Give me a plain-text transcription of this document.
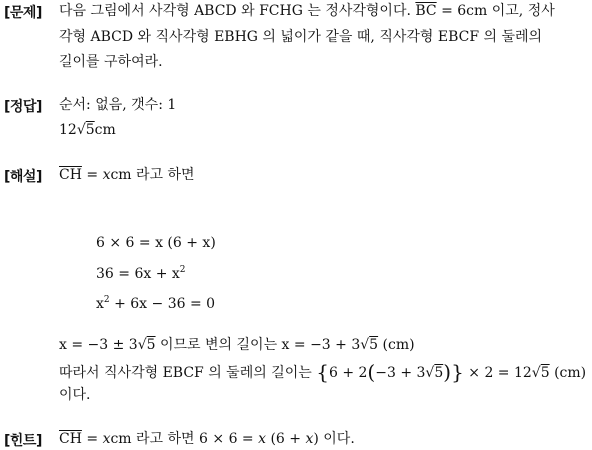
[문제]
[정답]
[해설]
[힌트]
다음 그림에서 사각형 ABCD 와 FCHG 는 정사각형이다. $\overline{BC} = 6cm$ 이고, 정사
각형 ABCD 와 직사각형 EBHG 의 넓이가 같을 때, 직사각형 EBCF 의 둘레의
길이를 구하여라.
순서: 없음, 갯수: 1
12√5cm
$\overline{CH}$ = xcm 라고 하면
6 × 6 = x (6 + x)
$36 = 6x + x^2$
$x^2 + 6x - 36 = 0$
x = −3 ± 3√5 이므로 변의 길이는 x = −3 + 3√5 (cm)
따라서 직사각형 EBCF 의 둘레의 길이는 {6 + 2(−3 + 3√5)} × 2 = 12√5 (cm)
이다.
$\overline{CH}$ = xcm 라고 하면 6 × 6 = x (6 + x) 이다.
